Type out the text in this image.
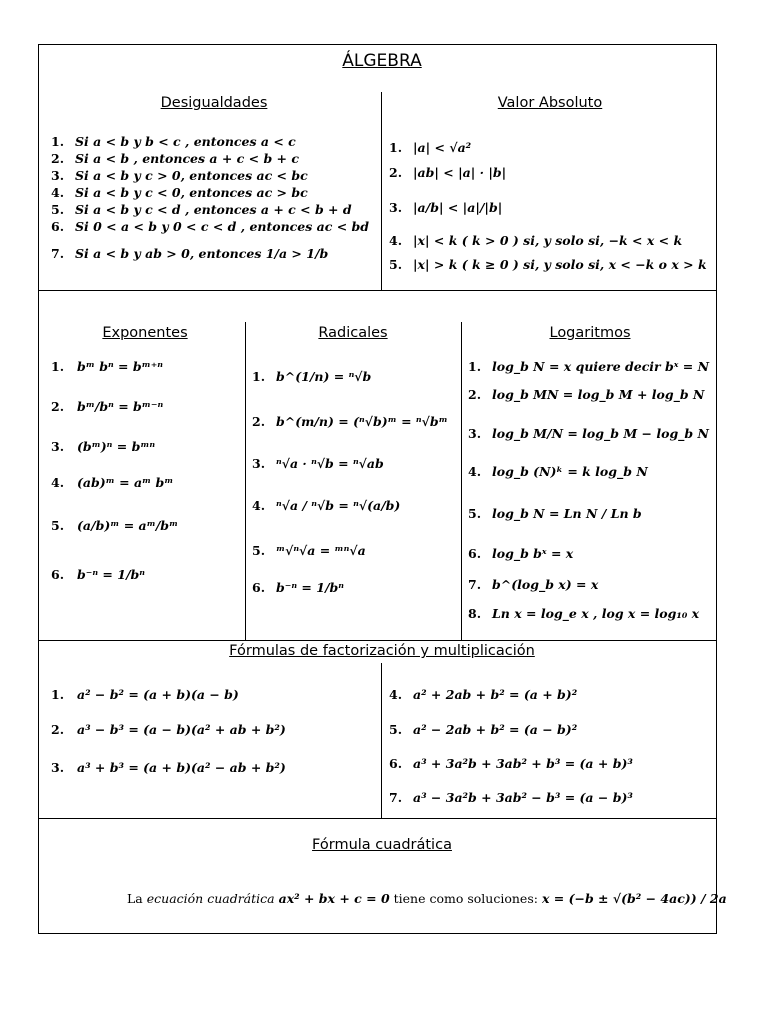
ÁLGEBRA
Desigualdades	Valor Absoluto
Exponentes	Radicales	Logaritmos
Fórmulas de factorización y multiplicación
Fórmula cuadrática
1. Si a < b y b < c , entonces a < c
2. Si a < b , entonces a + c < b + c
3. Si a < b y c > 0, entonces ac < bc
4. Si a < b y c < 0, entonces ac > bc
5. Si a < b y c < d , entonces a + c < b + d
6. Si 0 < a < b y 0 < c < d , entonces ac < bd
7. Si a < b y ab > 0, entonces 1/a > 1/b
1. |a| < √a²
2. |ab| < |a| · |b|
3. |a/b| < |a|/|b|
4. |x| < k ( k > 0 ) si, y solo si, −k < x < k
5. |x| > k ( k ≥ 0 ) si, y solo si, x < −k o x > k
1. bᵐ bⁿ = bᵐ⁺ⁿ
2. bᵐ/bⁿ = bᵐ⁻ⁿ
3. (bᵐ)ⁿ = bᵐⁿ
4. (ab)ᵐ = aᵐ bᵐ
5. (a/b)ᵐ = aᵐ/bᵐ
6. b⁻ⁿ = 1/bⁿ
1. b^(1/n) = ⁿ√b
2. b^(m/n) = (ⁿ√b)ᵐ = ⁿ√bᵐ
3. ⁿ√a · ⁿ√b = ⁿ√ab
4. ⁿ√a / ⁿ√b = ⁿ√(a/b)
5. ᵐ√ⁿ√a = ᵐⁿ√a
6. b⁻ⁿ = 1/bⁿ
1. log_b N = x quiere decir bˣ = N
2. log_b MN = log_b M + log_b N
3. log_b M/N = log_b M − log_b N
4. log_b (N)ᵏ = k log_b N
5. log_b N = Ln N / Ln b
6. log_b bˣ = x
7. b^(log_b x) = x
8. Ln x = log_e x , log x = log₁₀ x
1. a² − b² = (a + b)(a − b)
2. a³ − b³ = (a − b)(a² + ab + b²)
3. a³ + b³ = (a + b)(a² − ab + b²)
4. a² + 2ab + b² = (a + b)²
5. a² − 2ab + b² = (a − b)²
6. a³ + 3a²b + 3ab² + b³ = (a + b)³
7. a³ − 3a²b + 3ab² − b³ = (a − b)³
La ecuación cuadrática ax² + bx + c = 0 tiene como soluciones: x = (−b ± √(b² − 4ac)) / 2a
